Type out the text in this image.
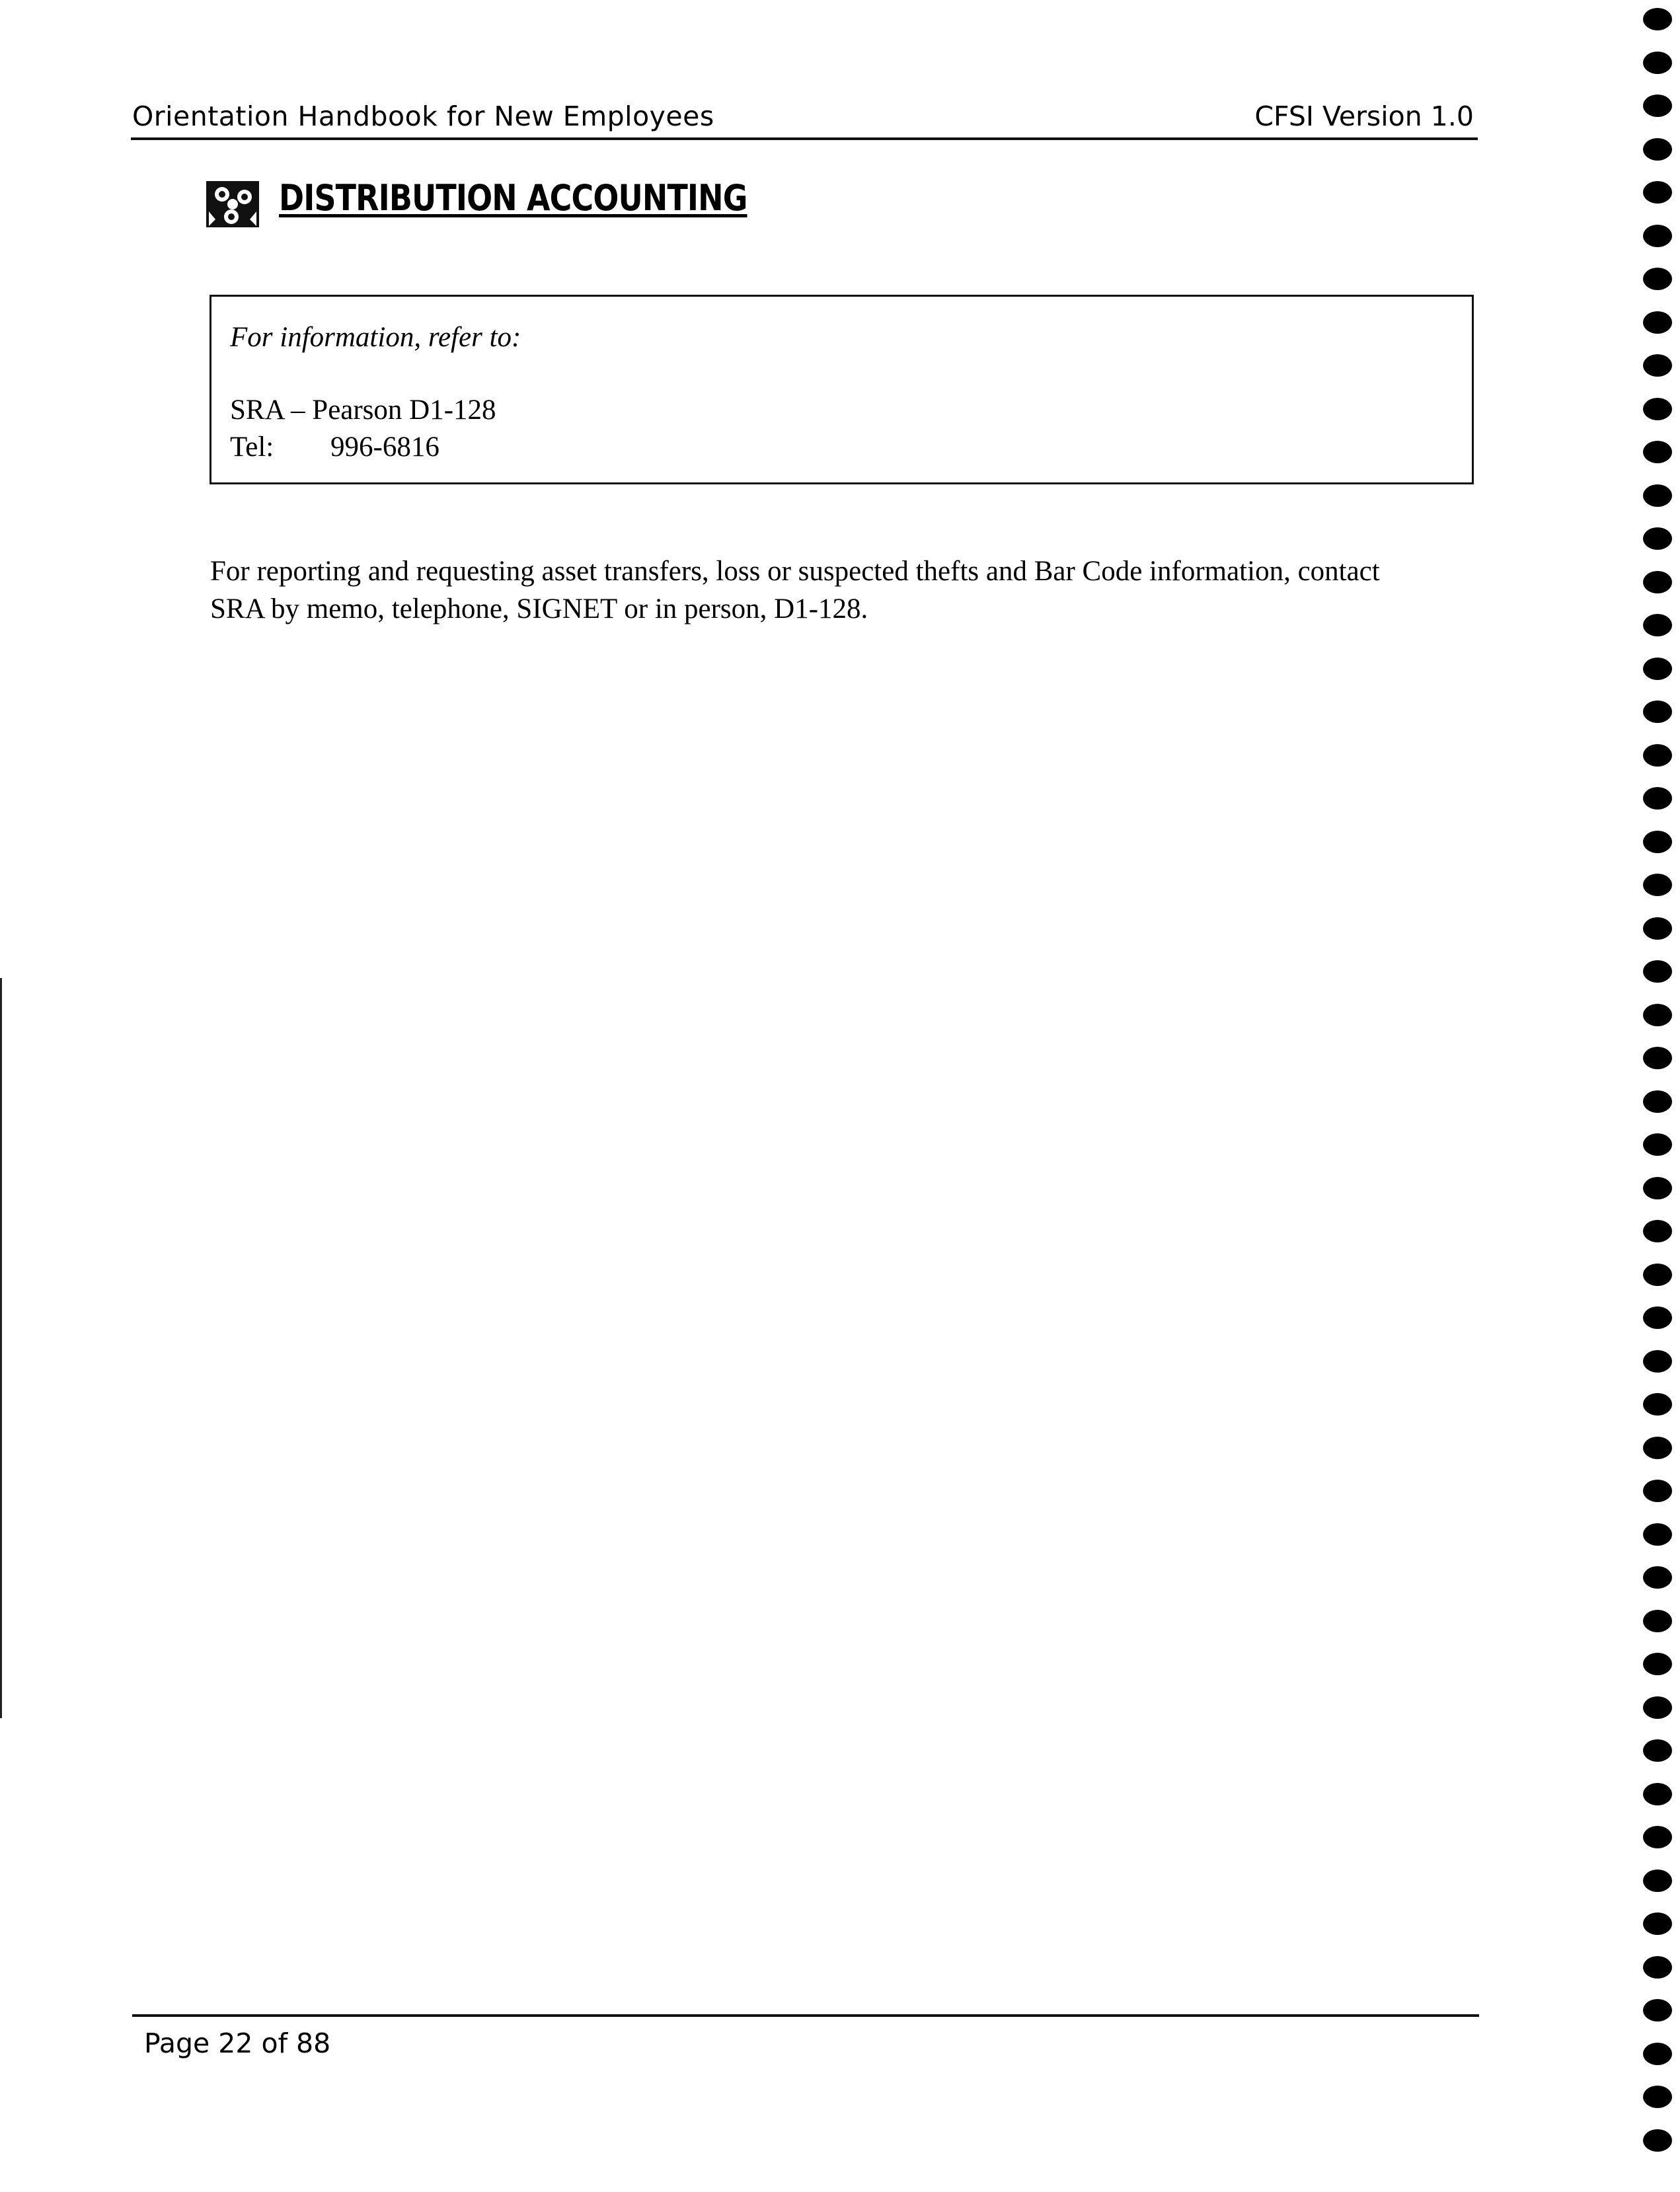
Orientation Handbook for New Employees	CFSI Version 1.0
DISTRIBUTION ACCOUNTING
For information, refer to:
SRA – Pearson D1-128
Tel: 996-6816
For reporting and requesting asset transfers, loss or suspected thefts and Bar Code information, contact
SRA by memo, telephone, SIGNET or in person, D1-128.
Page 22 of 88
